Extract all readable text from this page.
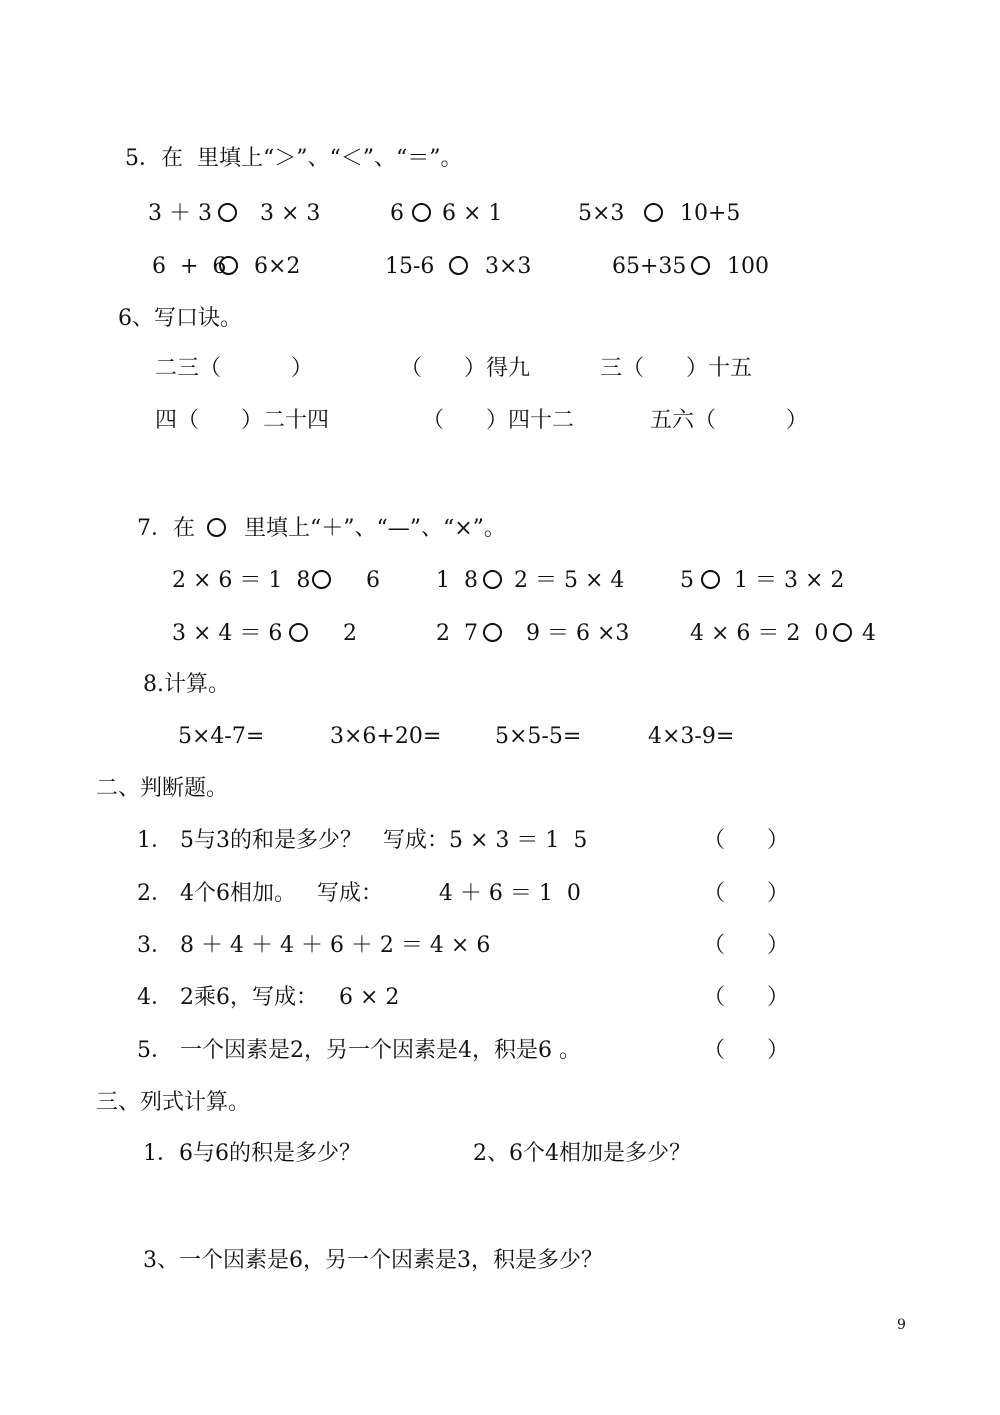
5．在  里填上“＞”、“＜”、“＝”。
3 ＋ 3 3 × 3	6 6 × 1	5×3	10+5
6  +  6 6×2	15-6 3×3	65+35 100
6、写口诀。
二三（          ）	（      ）得九	三（      ）十五
四（      ）二十四	（      ）四十二	五六（          ）
7．在 里填上“＋”、“—”、“×”。
2 × 6 ＝ 1  8	6	1  8 2 ＝ 5 × 4	5 1 ＝ 3 × 2
3 × 4 ＝ 6	2	2  7 9 ＝ 6 ×3	4 × 6 ＝ 2  0 4
8.计算。
5×4-7=	3×6+20= 5×5-5=	4×3-9=
二、判断题。
1． 5与3的和是多少？   写成：5 × 3 ＝ 1  5	（      ）
2． 4个6相加。   写成：        4 ＋ 6 ＝ 1  0	（      ）
3． 8 ＋ 4 ＋ 4 ＋ 6 ＋ 2 ＝ 4 × 6	（      ）
4． 2乘6，写成：   6 × 2	（      ）
5． 一个因素是2，另一个因素是4，积是6 。	（      ）
三、列式计算。
1．6与6的积是多少？	2、6个4相加是多少？
3、一个因素是6，另一个因素是3，积是多少？
9
